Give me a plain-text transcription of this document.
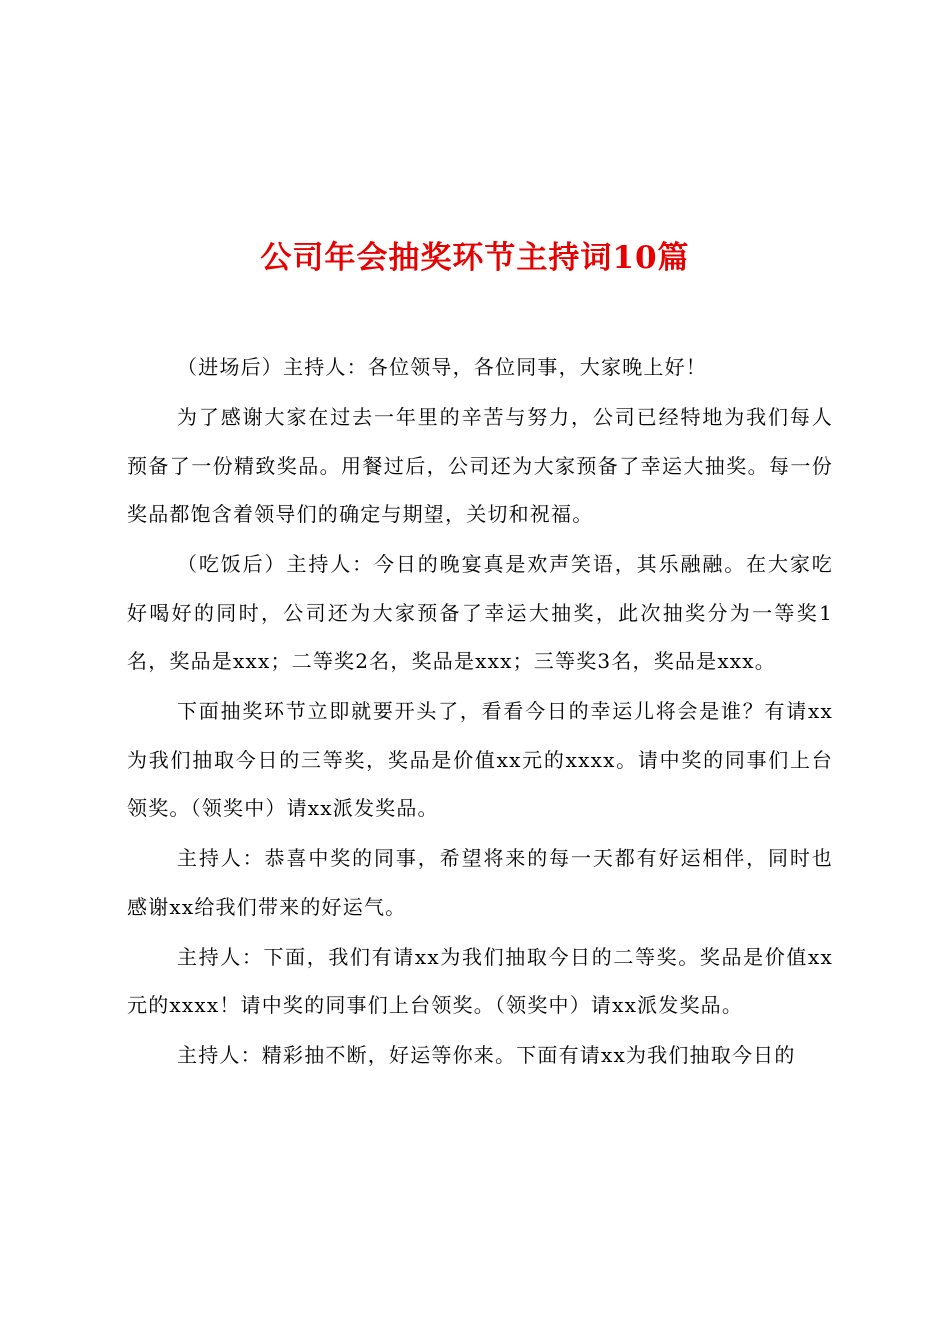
公司年会抽奖环节主持词10篇

（进场后）主持人：各位领导，各位同事，大家晚上好！

为了感谢大家在过去一年里的辛苦与努力，公司已经特地为我们每人预备了一份精致奖品。用餐过后，公司还为大家预备了幸运大抽奖。每一份奖品都饱含着领导们的确定与期望，关切和祝福。

（吃饭后）主持人：今日的晚宴真是欢声笑语，其乐融融。在大家吃好喝好的同时，公司还为大家预备了幸运大抽奖，此次抽奖分为一等奖1名，奖品是xxx；二等奖2名，奖品是xxx；三等奖3名，奖品是xxx。

下面抽奖环节立即就要开头了，看看今日的幸运儿将会是谁？有请xx为我们抽取今日的三等奖，奖品是价值xx元的xxxx。请中奖的同事们上台领奖。（领奖中）请xx派发奖品。

主持人：恭喜中奖的同事，希望将来的每一天都有好运相伴，同时也感谢xx给我们带来的好运气。

主持人：下面，我们有请xx为我们抽取今日的二等奖。奖品是价值xx元的xxxx！请中奖的同事们上台领奖。（领奖中）请xx派发奖品。

主持人：精彩抽不断，好运等你来。下面有请xx为我们抽取今日的
